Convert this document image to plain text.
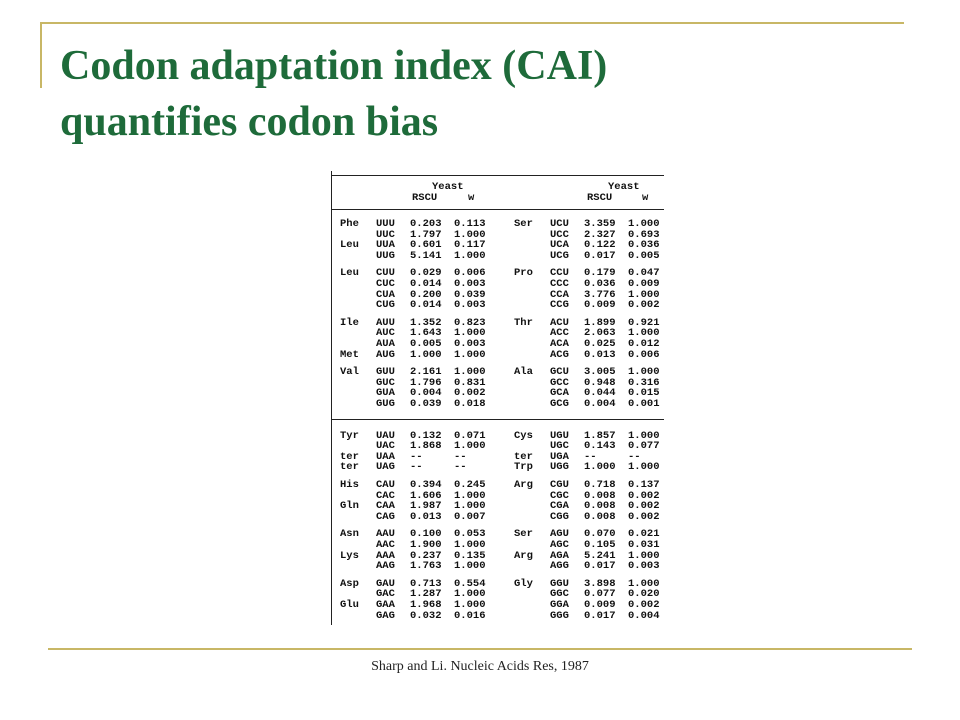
Codon adaptation index (CAI)
quantifies codon bias
Yeast
RSCU	w
Yeast
RSCU	w
Phe	UUU	0.203	0.113
UUC	1.797	1.000
Leu	UUA	0.601	0.117
UUG	5.141	1.000
Leu	CUU	0.029	0.006
CUC	0.014	0.003
CUA	0.200	0.039
CUG	0.014	0.003
Ile	AUU	1.352	0.823
AUC	1.643	1.000
AUA	0.005	0.003
Met	AUG	1.000	1.000
Val	GUU	2.161	1.000
GUC	1.796	0.831
GUA	0.004	0.002
GUG	0.039	0.018
Tyr	UAU	0.132	0.071
UAC	1.868	1.000
ter	UAA	--	--
ter	UAG	--	--
His	CAU	0.394	0.245
CAC	1.606	1.000
Gln	CAA	1.987	1.000
CAG	0.013	0.007
Asn	AAU	0.100	0.053
AAC	1.900	1.000
Lys	AAA	0.237	0.135
AAG	1.763	1.000
Asp	GAU	0.713	0.554
GAC	1.287	1.000
Glu	GAA	1.968	1.000
GAG	0.032	0.016
Ser	UCU	3.359	1.000
UCC	2.327	0.693
UCA	0.122	0.036
UCG	0.017	0.005
Pro	CCU	0.179	0.047
CCC	0.036	0.009
CCA	3.776	1.000
CCG	0.009	0.002
Thr	ACU	1.899	0.921
ACC	2.063	1.000
ACA	0.025	0.012
ACG	0.013	0.006
Ala	GCU	3.005	1.000
GCC	0.948	0.316
GCA	0.044	0.015
GCG	0.004	0.001
Cys	UGU	1.857	1.000
UGC	0.143	0.077
ter	UGA	--	--
Trp	UGG	1.000	1.000
Arg	CGU	0.718	0.137
CGC	0.008	0.002
CGA	0.008	0.002
CGG	0.008	0.002
Ser	AGU	0.070	0.021
AGC	0.105	0.031
Arg	AGA	5.241	1.000
AGG	0.017	0.003
Gly	GGU	3.898	1.000
GGC	0.077	0.020
GGA	0.009	0.002
GGG	0.017	0.004
Sharp and Li. Nucleic Acids Res, 1987
